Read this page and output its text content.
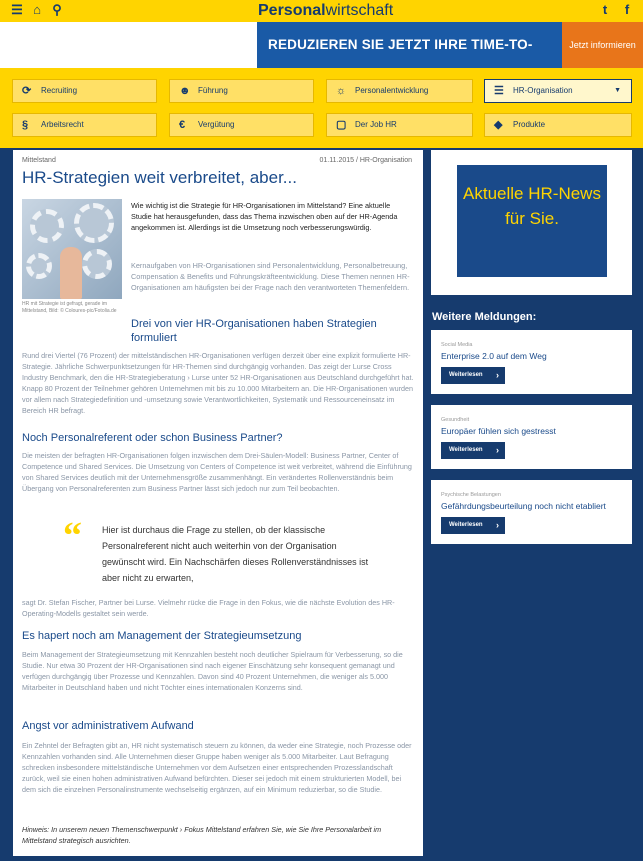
☰ ⌂ ⚲	Personalwirtschaft	t	f
REDUZIEREN SIE JETZT IHRE TIME-TO-	Jetzt informieren
⟳ Recruiting	☻ Führung	☼ Personalentwicklung	☰ HR-Organisation	▼
§ Arbeitsrecht	€ Vergütung	▢ Der Job HR	◆ Produkte
Mittelstand	01.11.2015 / HR-Organisation
HR-Strategien weit verbreitet, aber...
HR mit Strategie ist gefragt, gerade im Mittelstand, Bild: © Coloures-pic/Fotolia.de
Wie wichtig ist die Strategie für HR-Organisationen im Mittelstand? Eine aktuelle Studie hat herausgefunden, dass das Thema inzwischen oben auf der HR-Agenda angekommen ist. Allerdings ist die Umsetzung noch verbesserungswürdig.
Kernaufgaben von HR-Organisationen sind Personalentwicklung, Personalbetreuung, Compensation & Benefits und Führungskräfteentwicklung. Diese Themen nennen HR-Organisationen am häufigsten bei der Frage nach den verantworteten Themenfeldern.
Drei von vier HR-Organisationen haben Strategien formuliert
Rund drei Viertel (76 Prozent) der mittelständischen HR-Organisationen verfügen derzeit über eine explizit formulierte HR-Strategie. Jährliche Schwerpunktsetzungen für HR-Themen sind durchgängig vorhanden. Das zeigt der Lurse Cross Industry Benchmark, den die HR-Strategieberatung › Lurse unter 52 HR-Organisationen aus Deutschland durchgeführt hat. Knapp 80 Prozent der Teilnehmer gehören Unternehmen mit bis zu 10.000 Mitarbeitern an. Die HR-Organisationen wurden vor allem nach Strategiedefinition und -umsetzung sowie Verantwortlichkeiten, Systematik und Ressourceneinsatz im Bereich HR befragt.
Noch Personalreferent oder schon Business Partner?
Die meisten der befragten HR-Organisationen folgen inzwischen dem Drei-Säulen-Modell: Business Partner, Center of Competence und Shared Services. Die Umsetzung von Centers of Competence ist weit verbreitet, während die Einführung von Shared Services deutlich mit der Unternehmensgröße zusammenhängt. Ein verändertes Rollenverständnis beim Übergang von Personalreferenten zum Business Partner lässt sich jedoch nur zum Teil beobachten.
“ Hier ist durchaus die Frage zu stellen, ob der klassische Personalreferent nicht auch weiterhin von der Organisation gewünscht wird. Ein Nachschärfen dieses Rollenverständnisses ist aber nicht zu erwarten,
sagt Dr. Stefan Fischer, Partner bei Lurse. Vielmehr rücke die Frage in den Fokus, wie die nächste Evolution des HR-Operating-Modells gestaltet sein werde.
Es hapert noch am Management der Strategieumsetzung
Beim Management der Strategieumsetzung mit Kennzahlen besteht noch deutlicher Spielraum für Verbesserung, so die Studie. Nur etwa 30 Prozent der HR-Organisationen sind nach eigener Einschätzung sehr konsequent gemanagt und verfügen durchgängig über Prozesse und Kennzahlen. Davon sind 40 Prozent Unternehmen, die weniger als 5.000 Mitarbeiter in Deutschland haben und nicht Töchter eines internationalen Konzerns sind.
Angst vor administrativem Aufwand
Ein Zehntel der Befragten gibt an, HR nicht systematisch steuern zu können, da weder eine Strategie, noch Prozesse oder Kennzahlen vorhanden sind. Alle Unternehmen dieser Gruppe haben weniger als 5.000 Mitarbeiter. Laut Befragung schrecken insbesondere mittelständische Unternehmen vor dem Aufsetzen einer entsprechenden Prozesslandschaft zurück, weil sie einen hohen administrativen Aufwand befürchten. Dieser sei jedoch mit einem strukturierten Modell, bei dem sich die einzelnen Personalinstrumente wechselseitig ergänzen, auf ein Minimum reduzierbar, so die Studie.
Hinweis: In unserem neuen Themenschwerpunkt › Fokus Mittelstand erfahren Sie, wie Sie Ihre Personalarbeit im Mittelstand strategisch ausrichten.
Aktuelle HR-News für Sie.
Weitere Meldungen:
Social Media
Enterprise 2.0 auf dem Weg
Weiterlesen ›
Gesundheit
Europäer fühlen sich gestresst
Weiterlesen ›
Psychische Belastungen
Gefährdungsbeurteilung noch nicht etabliert
Weiterlesen ›
